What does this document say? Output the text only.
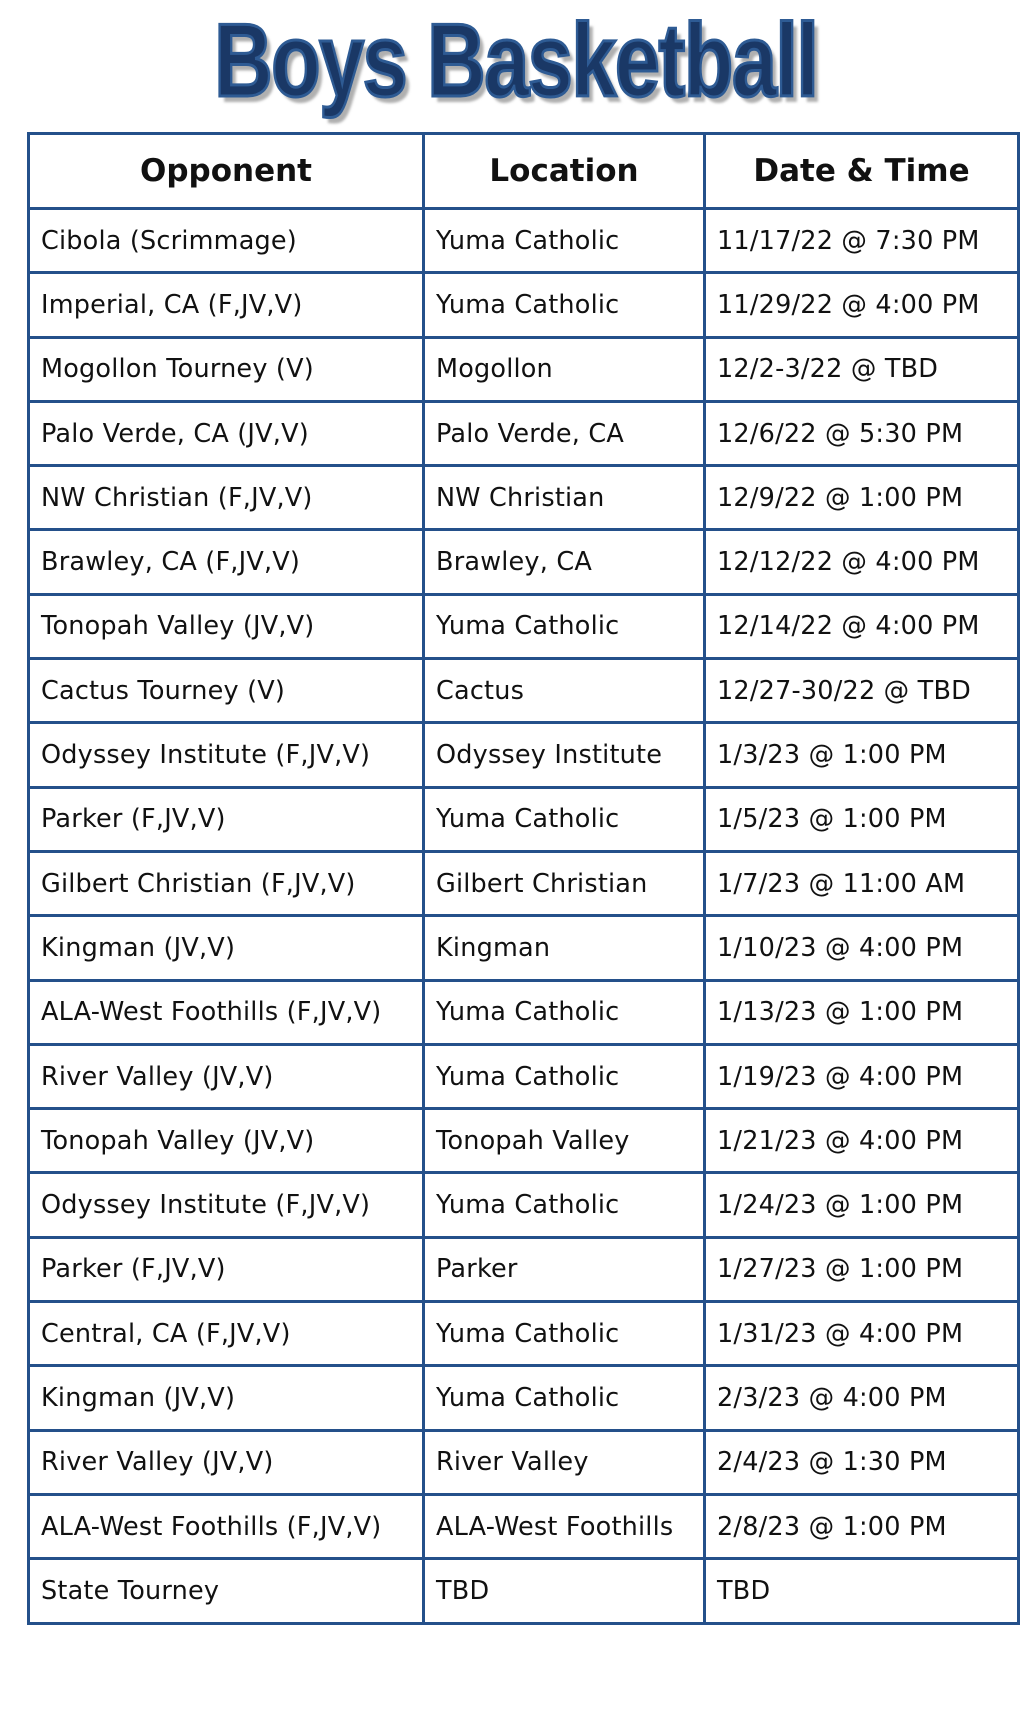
Boys Basketball
Opponent	Location	Date & Time
Cibola (Scrimmage)	Yuma Catholic	11/17/22 @ 7:30 PM
Imperial, CA (F,JV,V)	Yuma Catholic	11/29/22 @ 4:00 PM
Mogollon Tourney (V)	Mogollon	12/2-3/22 @ TBD
Palo Verde, CA (JV,V)	Palo Verde, CA	12/6/22 @ 5:30 PM
NW Christian (F,JV,V)	NW Christian	12/9/22 @ 1:00 PM
Brawley, CA (F,JV,V)	Brawley, CA	12/12/22 @ 4:00 PM
Tonopah Valley (JV,V)	Yuma Catholic	12/14/22 @ 4:00 PM
Cactus Tourney (V)	Cactus	12/27-30/22 @ TBD
Odyssey Institute (F,JV,V)	Odyssey Institute	1/3/23 @ 1:00 PM
Parker (F,JV,V)	Yuma Catholic	1/5/23 @ 1:00 PM
Gilbert Christian (F,JV,V)	Gilbert Christian	1/7/23 @ 11:00 AM
Kingman (JV,V)	Kingman	1/10/23 @ 4:00 PM
ALA-West Foothills (F,JV,V)	Yuma Catholic	1/13/23 @ 1:00 PM
River Valley (JV,V)	Yuma Catholic	1/19/23 @ 4:00 PM
Tonopah Valley (JV,V)	Tonopah Valley	1/21/23 @ 4:00 PM
Odyssey Institute (F,JV,V)	Yuma Catholic	1/24/23 @ 1:00 PM
Parker (F,JV,V)	Parker	1/27/23 @ 1:00 PM
Central, CA (F,JV,V)	Yuma Catholic	1/31/23 @ 4:00 PM
Kingman (JV,V)	Yuma Catholic	2/3/23 @ 4:00 PM
River Valley (JV,V)	River Valley	2/4/23 @ 1:30 PM
ALA-West Foothills (F,JV,V)	ALA-West Foothills	2/8/23 @ 1:00 PM
State Tourney	TBD	TBD
